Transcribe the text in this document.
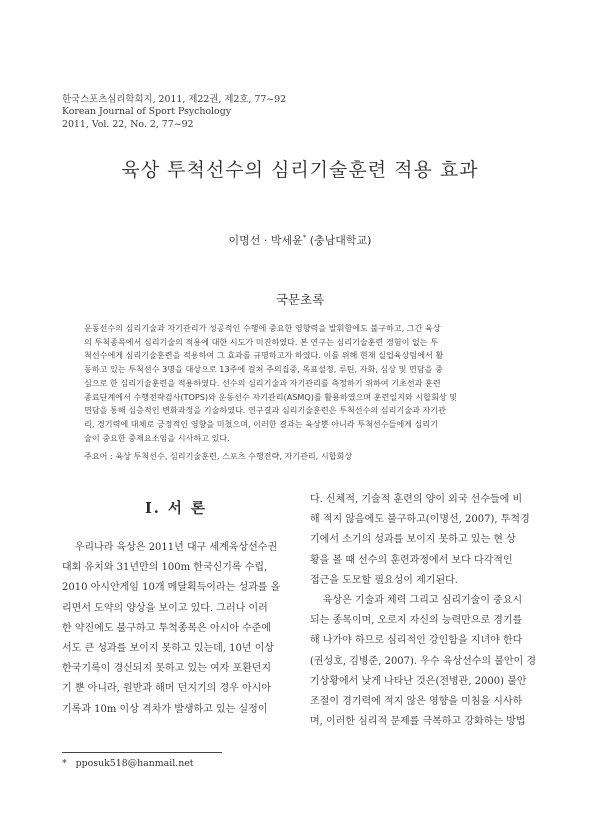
한국스포츠심리학회지, 2011, 제22권, 제2호, 77~92
Korean Journal of Sport Psychology
2011, Vol. 22, No. 2, 77~92
육상 투척선수의 심리기술훈련 적용 효과
이명선 · 박세윤* (충남대학교)
국문초록
운동선수의 심리기술과 자기관리가 성공적인 수행에 중요한 영향력을 발휘함에도 불구하고, 그간 육상
의 투척종목에서 심리기술의 적용에 대한 시도가 미진하였다. 본 연구는 심리기술훈련 경험이 없는 투
척선수에게 심리기술훈련을 적용하여 그 효과를 규명하고자 하였다. 이를 위해 현재 실업육상팀에서 활
동하고 있는 투척선수 3명을 대상으로 13주에 걸쳐 주의집중, 목표설정, 루틴, 자화, 심상 및 면담을 중
심으로 한 심리기술훈련을 적용하였다. 선수의 심리기술과 자기관리를 측정하기 위하여 기초선과 훈련
종료단계에서 수행전략검사(TOPS)와 운동선수 자기관리(ASMQ)를 활용하였으며 훈련일지와 시합회상 및
면담을 통해 심층적인 변화과정을 기술하였다. 연구결과 심리기술훈련은 투척선수의 심리기술과 자기관
리, 경기력에 대체로 긍정적인 영향을 미쳤으며, 이러한 결과는 육상뿐 아니라 투척선수들에게 심리기
술이 중요한 중재요소임을 시사하고 있다.
주요어 : 육상 투척선수, 심리기술훈련, 스포츠 수행전략, 자기관리, 시합회상
I. 서 론
우리나라 육상은 2011년 대구 세계육상선수권
대회 유치와 31년만의 100m 한국신기록 수립,
2010 아시안게임 10개 메달획득이라는 성과를 올
리면서 도약의 양상을 보이고 있다. 그러나 이러
한 약진에도 불구하고 투척종목은 아시아 수준에
서도 큰 성과를 보이지 못하고 있는데, 10년 이상
한국기록이 경신되지 못하고 있는 여자 포환던지
기 뿐 아니라, 원반과 해머 던지기의 경우 아시아
기록과 10m 이상 격차가 발생하고 있는 실정이
다. 신체적, 기술적 훈련의 양이 외국 선수들에 비
해 적지 않음에도 불구하고(이명선, 2007), 투척경
기에서 소기의 성과를 보이지 못하고 있는 현 상
황을 볼 때 선수의 훈련과정에서 보다 다각적인
접근을 도모할 필요성이 제기된다.
육상은 기술과 체력 그리고 심리기술이 중요시
되는 종목이며, 오로지 자신의 능력만으로 경기를
해 나가야 하므로 심리적인 강인함을 지녀야 한다
(권성호, 김병준, 2007). 우수 육상선수의 불안이 경
기상황에서 낮게 나타난 것은(전병관, 2000) 불안
조절이 경기력에 적지 않은 영향을 미침을 시사하
며, 이러한 심리적 문제를 극복하고 강화하는 방법
*   pposuk518@hanmail.net
